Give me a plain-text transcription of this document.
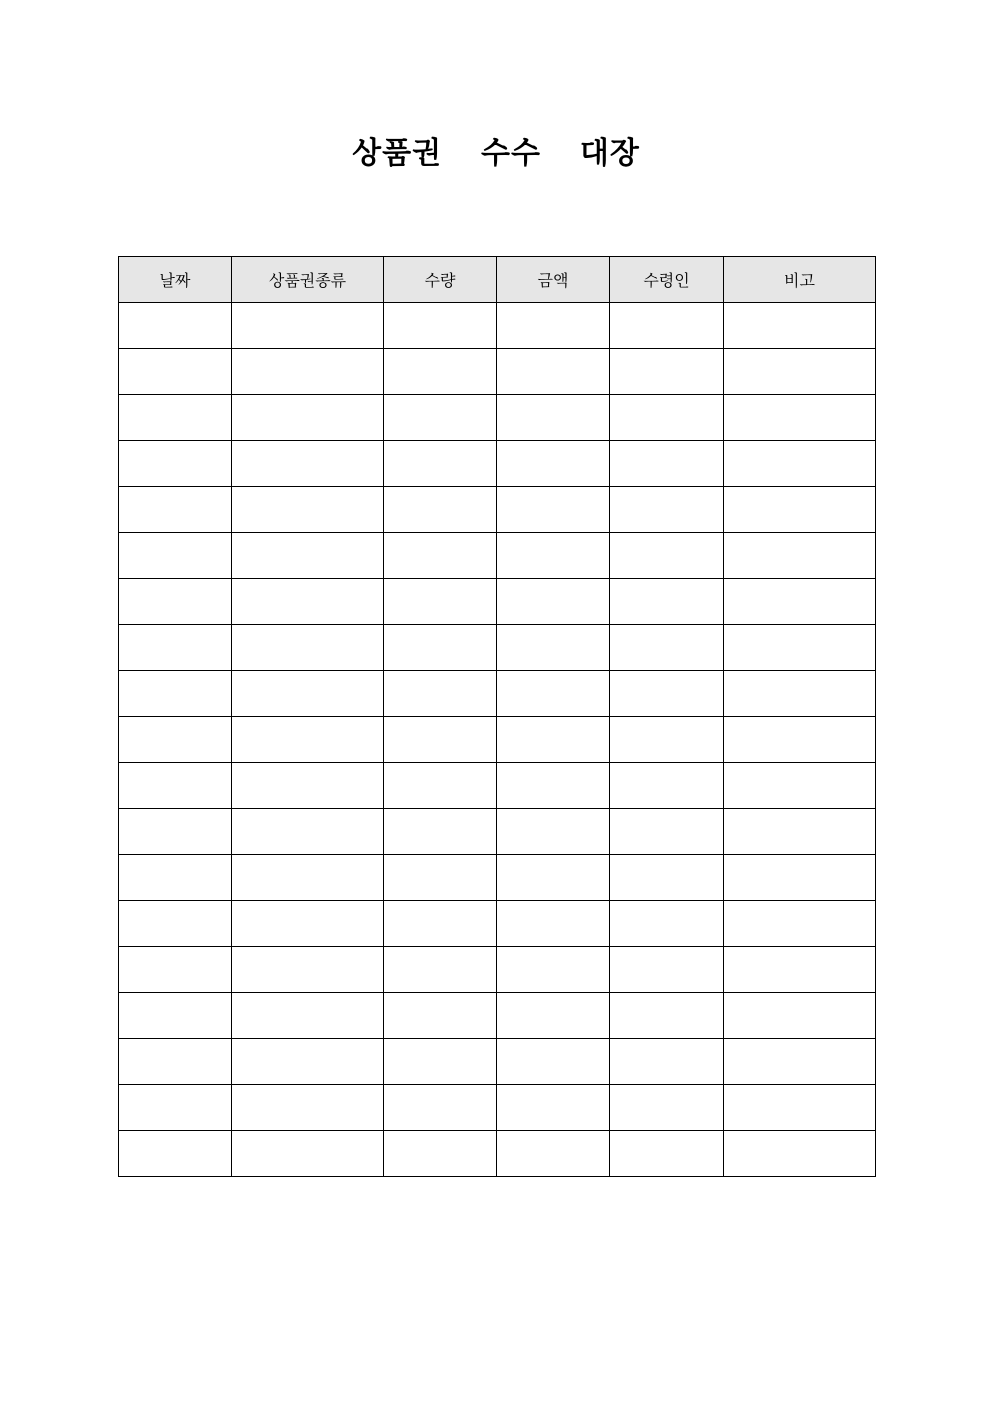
상품권  수수  대장
날짜	상품권종류	수량	금액	수령인	비고
